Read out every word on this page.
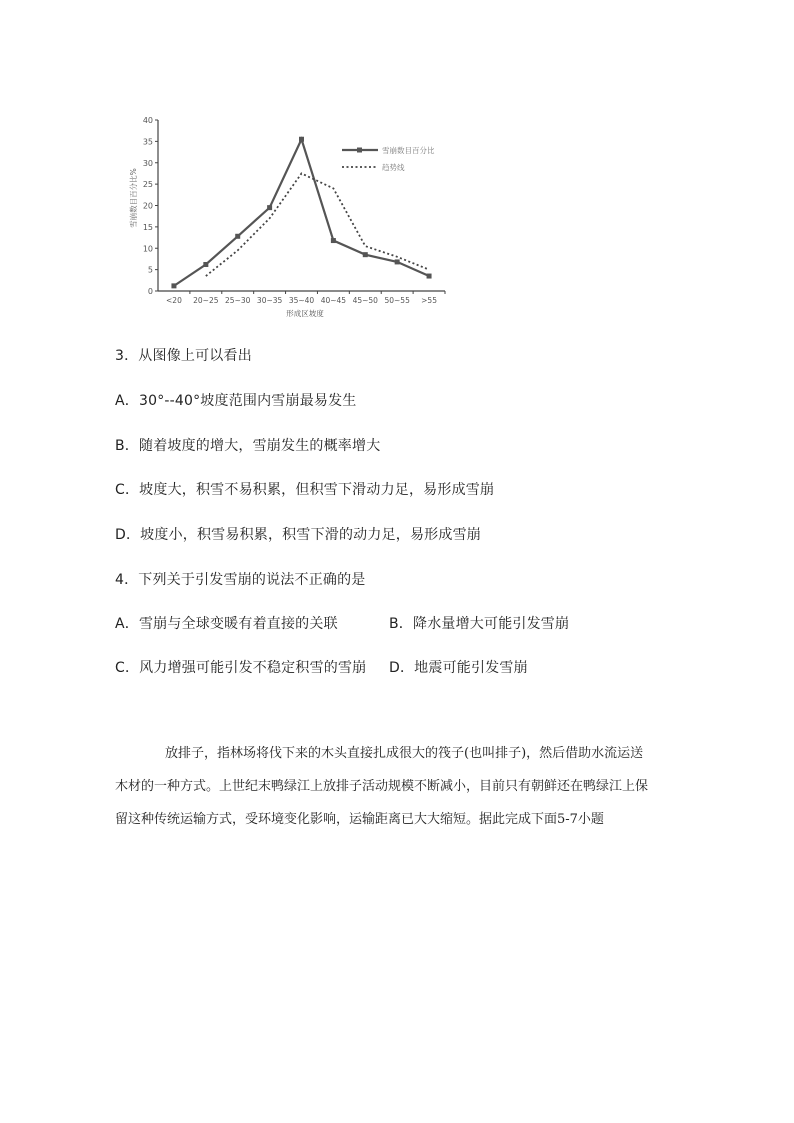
0
5
10
15
20
25
30
35
40
<20 20~25 25~30 30~35 35~40 40~45 45~50 50~55 >55
雪崩数目百分比%
形成区坡度
雪崩数目百分比
趋势线
3．从图像上可以看出
A．30°--40°坡度范围内雪崩最易发生
B．随着坡度的增大，雪崩发生的概率增大
C．坡度大，积雪不易积累，但积雪下滑动力足，易形成雪崩
D．坡度小，积雪易积累，积雪下滑的动力足，易形成雪崩
4．下列关于引发雪崩的说法不正确的是
A．雪崩与全球变暖有着直接的关联	B．降水量增大可能引发雪崩
C．风力增强可能引发不稳定积雪的雪崩 D．地震可能引发雪崩

放排子，指林场将伐下来的木头直接扎成很大的筏子(也叫排子)，然后借助水流运送

木材的一种方式。上世纪末鸭绿江上放排子活动规模不断减小，目前只有朝鲜还在鸭绿江上保

留这种传统运输方式，受环境变化影响，运输距离已大大缩短。据此完成下面5-7小题
